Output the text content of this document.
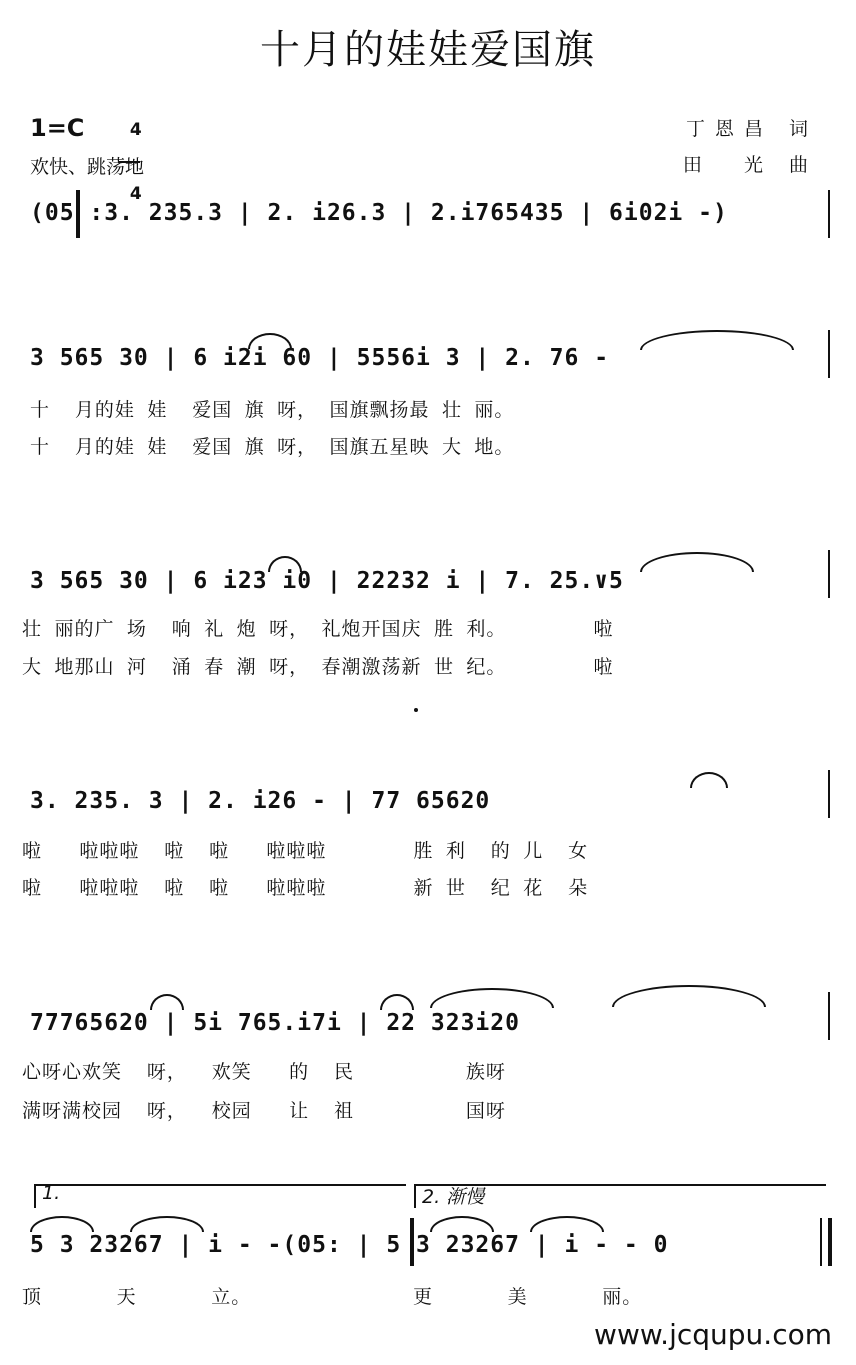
十月的娃娃爱国旗
1=C	4

4

欢快、跳荡地
丁恩昌 词
田  光 曲
(05 :3. 235.3 | 2. i26.3 | 2.i765435 | 6i02i -)
3 565 30 | 6 i2i 60 | 5556i 3 | 2. 76 -
十  月的娃 娃  爱国 旗 呀， 国旗飘扬最 壮 丽。
十  月的娃 娃  爱国 旗 呀， 国旗五星映 大 地。
3 565 30 | 6 i23 i0 | 22232 i | 7. 25.∨5
壮 丽的广 场  响 礼 炮 呀， 礼炮开国庆 胜 利。       啦
大 地那山 河  涌 春 潮 呀， 春潮激荡新 世 纪。       啦
3. 235. 3 | 2. i26 - | 77 65620
啦   啦啦啦  啦  啦   啦啦啦       胜 利  的 儿  女
啦   啦啦啦  啦  啦   啦啦啦       新 世  纪 花  朵
77765620 | 5i 765.i7i | 22 323i20
心呀心欢笑  呀，  欢笑   的  民         族呀
满呀满校园  呀，  校园   让  祖         国呀
1.	2. 渐慢
5 3 23267 | i - -(05: | 5 3 23267 | i - - 0
顶      天      立。             更      美      丽。
www.jcqupu.com
